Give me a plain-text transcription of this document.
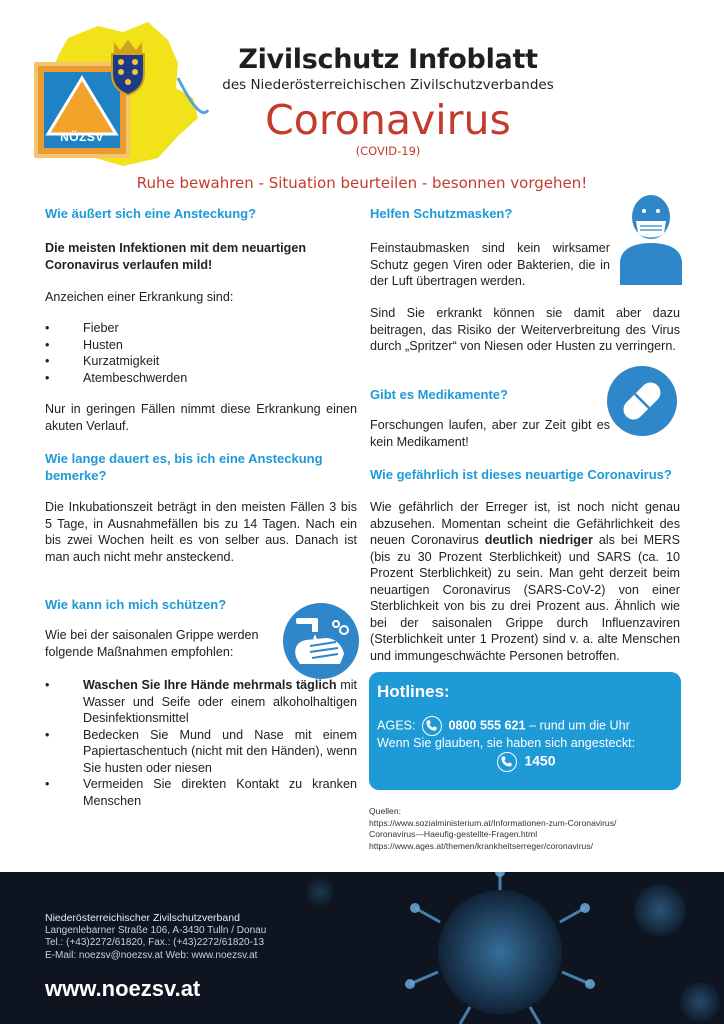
NÖZSV
Zivilschutz Infoblatt
des Niederösterreichischen Zivilschutzverbandes
Coronavirus
(COVID-19)
Ruhe bewahren - Situation beurteilen - besonnen vorgehen!
Wie äußert sich eine Ansteckung?
Die meisten Infektionen mit dem neuartigen Coronavirus verlaufen mild!
Anzeichen einer Erkrankung sind:
• Fieber
• Husten
• Kurzatmigkeit
• Atembeschwerden
Nur in geringen Fällen nimmt diese Erkrankung einen akuten Verlauf.
Wie lange dauert es, bis ich eine Ansteckung bemerke?
Die Inkubationszeit beträgt in den meisten Fällen 3 bis 5 Tage, in Ausnahmefällen bis zu 14 Tagen. Nach ein bis zwei Wochen heilt es von selber aus. Danach ist man auch nicht mehr ansteckend.
Wie kann ich mich schützen?
Wie bei der saisonalen Grippe werden folgende Maßnahmen empfohlen:
• Waschen Sie Ihre Hände mehrmals täglich mit Wasser und Seife oder einem alkoholhaltigen Desinfektionsmittel
• Bedecken Sie Mund und Nase mit einem Papiertaschentuch (nicht mit den Händen), wenn Sie husten oder niesen
• Vermeiden Sie direkten Kontakt zu kranken Menschen
Helfen Schutzmasken?
Feinstaubmasken sind kein wirksamer Schutz gegen Viren oder Bakterien, die in der Luft übertragen werden.
Sind Sie erkrankt können sie damit aber dazu beitragen, das Risiko der Weiterverbreitung des Virus durch „Spritzer“ von Niesen oder Husten zu verringern.
Gibt es Medikamente?
Forschungen laufen, aber zur Zeit gibt es kein Medikament!
Wie gefährlich ist dieses neuartige Coronavirus?
Wie gefährlich der Erreger ist, ist noch nicht genau abzusehen. Momentan scheint die Gefährlichkeit des neuen Coronavirus deutlich niedriger als bei MERS (bis zu 30 Prozent Sterblichkeit) und SARS (ca. 10 Prozent Sterblichkeit) zu sein. Man geht derzeit beim neuartigen Coronavirus (SARS-CoV-2) von einer Sterblichkeit von bis zu drei Prozent aus. Ähnlich wie bei der saisonalen Grippe durch Influenzaviren (Sterblichkeit unter 1 Prozent) sind v. a. alte Menschen und immungeschwächte Personen betroffen.
Hotlines:
AGES:	0800 555 621 – rund um die Uhr
Wenn Sie glauben, sie haben sich angesteckt:
1450
Quellen:
https://www.sozialministerium.at/Informationen-zum-Coronavirus/
Coronavirus---Haeufig-gestellte-Fragen.html
https://www.ages.at/themen/krankheitserreger/coronavirus/
Niederösterreichischer Zivilschutzverband
Langenlebarner Straße 106, A-3430 Tulln / Donau
Tel.: (+43)2272/61820, Fax.: (+43)2272/61820-13
E-Mail: noezsv@noezsv.at Web: www.noezsv.at
www.noezsv.at
